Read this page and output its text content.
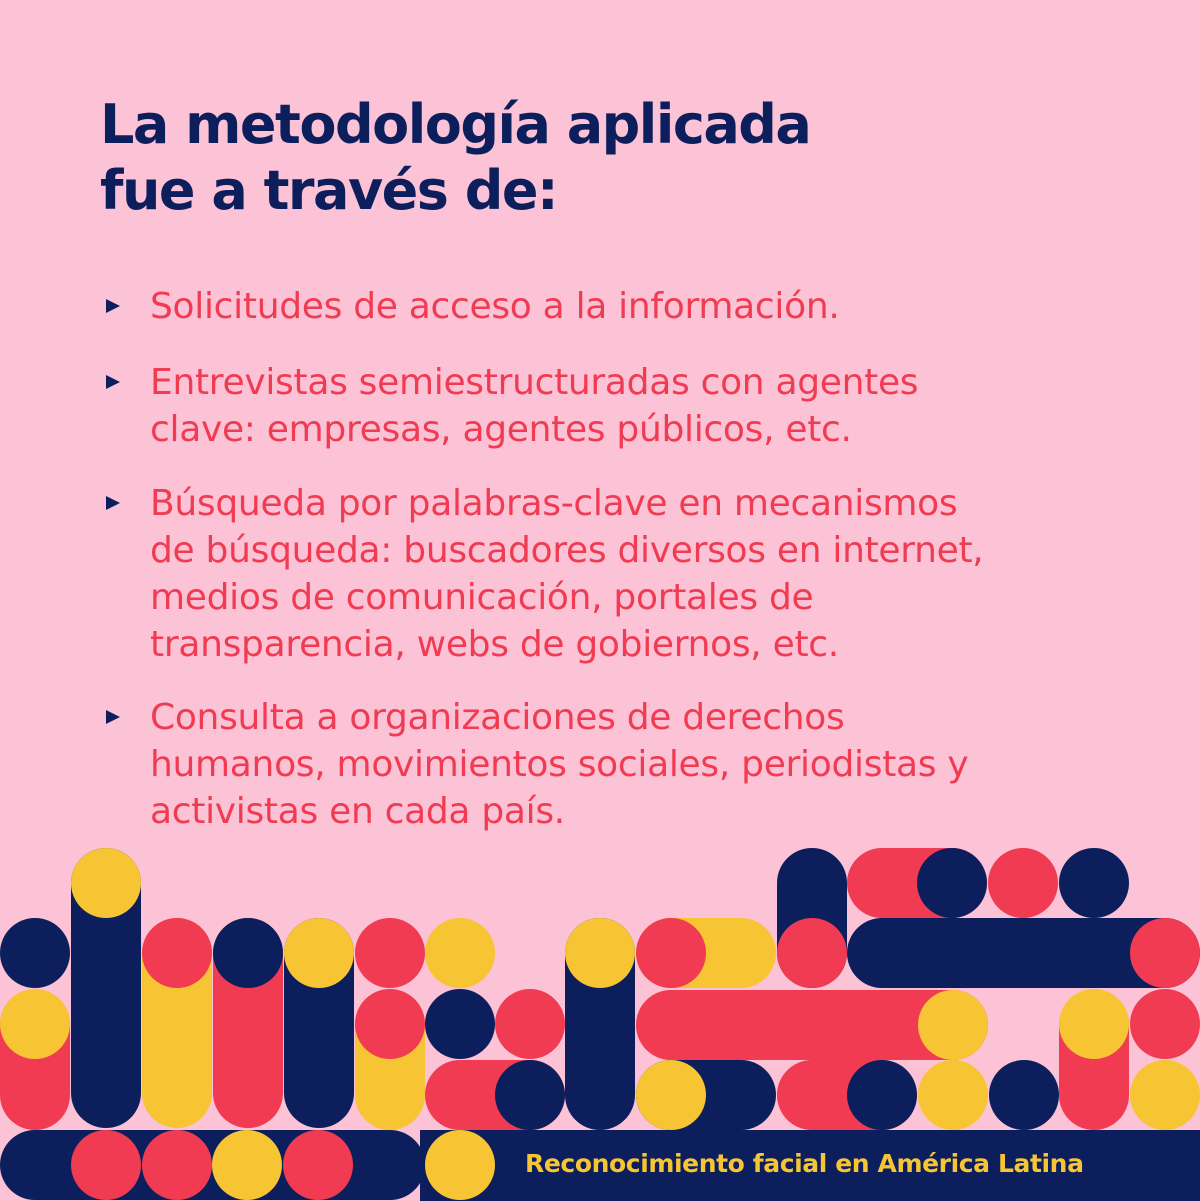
La metodología aplicada
fue a través de:
Solicitudes de acceso a la información.
Entrevistas semiestructuradas con agentes
clave: empresas, agentes públicos, etc.
Búsqueda por palabras-clave en mecanismos
de búsqueda: buscadores diversos en internet,
medios de comunicación, portales de
transparencia, webs de gobiernos, etc.
Consulta a organizaciones de derechos
humanos, movimientos sociales, periodistas y
activistas en cada país.

Reconocimiento facial en América Latina
